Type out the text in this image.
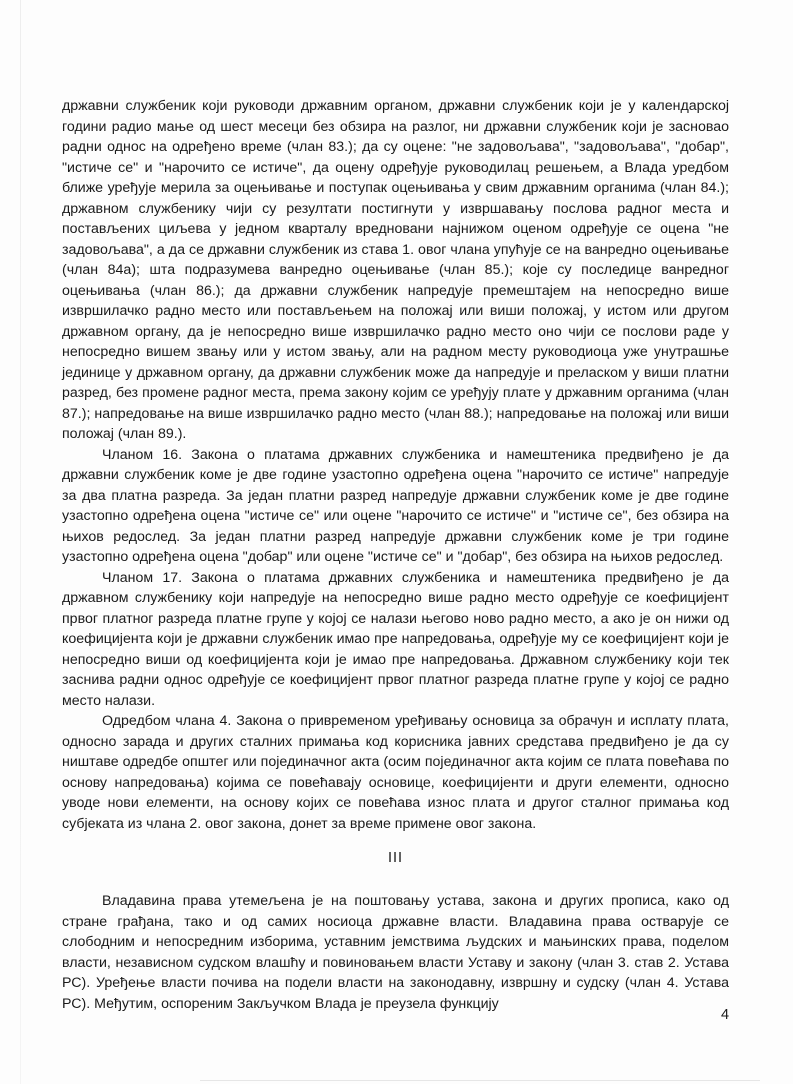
државни службеник који руководи државним органом, државни службеник који је у календарској години радио мање од шест месеци без обзира на разлог, ни државни службеник који је засновао радни однос на одређено време (члан 83.); да су оцене: "не задовољава", "задовољава", "добар", "истиче се" и "нарочито се истиче", да оцену одређује руководилац решењем, а Влада уредбом ближе уређује мерила за оцењивање и поступак оцењивања у свим државним органима (члан 84.); државном службенику чији су резултати постигнути у извршавању послова радног места и постављених циљева у једном кварталу вредновани најнижом оценом одређује се оцена "не задовољава", а да се државни службеник из става 1. овог члана упућује се на ванредно оцењивање (члан 84а); шта подразумева ванредно оцењивање (члан 85.); које су последице ванредног оцењивања (члан 86.); да државни службеник напредује премештајем на непосредно више извршилачко радно место или постављењем на положај или виши положај, у истом или другом државном органу, да је непосредно више извршилачко радно место оно чији се послови раде у непосредно вишем звању или у истом звању, али на радном месту руководиоца уже унутрашње јединице у државном органу, да државни службеник може да напредује и преласком у виши платни разред, без промене радног места, према закону којим се уређују плате у државним органима (члан 87.); напредовање на више извршилачко радно место (члан 88.); напредовање на положај или виши положај (члан 89.).

Чланом 16. Закона о платама државних службеника и намештеника предвиђено је да државни службеник коме је две године узастопно одређена оцена "нарочито се истиче" напредује за два платна разреда. За један платни разред напредује државни службеник коме је две године узастопно одређена оцена "истиче се" или оцене "нарочито се истиче" и "истиче се", без обзира на њихов редослед. За један платни разред напредује државни службеник коме је три године узастопно одређена оцена "добар" или оцене "истиче се" и "добар", без обзира на њихов редослед.

Чланом 17. Закона о платама државних службеника и намештеника предвиђено је да државном службенику који напредује на непосредно више радно место одређује се коефицијент првог платног разреда платне групе у којој се налази његово ново радно место, а ако је он нижи од коефицијента који је државни службеник имао пре напредовања, одређује му се коефицијент који је непосредно виши од коефицијента који је имао пре напредовања. Државном службенику који тек заснива радни однос одређује се коефицијент првог платног разреда платне групе у којој се радно место налази.

Одредбом члана 4. Закона о привременом уређивању основица за обрачун и исплату плата, односно зарада и других сталних примања код корисника јавних средстава предвиђено је да су ништаве одредбе општег или појединачног акта (осим појединачног акта којим се плата повећава по основу напредовања) којима се повећавају основице, коефицијенти и други елементи, односно уводе нови елементи, на основу којих се повећава износ плата и другог сталног примања код субјеката из члана 2. овог закона, донет за време примене овог закона.

III

Владавина права утемељена је на поштовању устава, закона и других прописа, како од стране грађана, тако и од самих носиоца државне власти. Владавина права остварује се слободним и непосредним изборима, уставним јемствима људских и мањинских права, поделом власти, независном судском влашћу и повиновањем власти Уставу и закону (члан 3. став 2. Устава РС). Уређење власти почива на подели власти на законодавну, извршну и судску (члан 4. Устава РС). Међутим, оспореним Закључком Влада је преузела функцију

4
